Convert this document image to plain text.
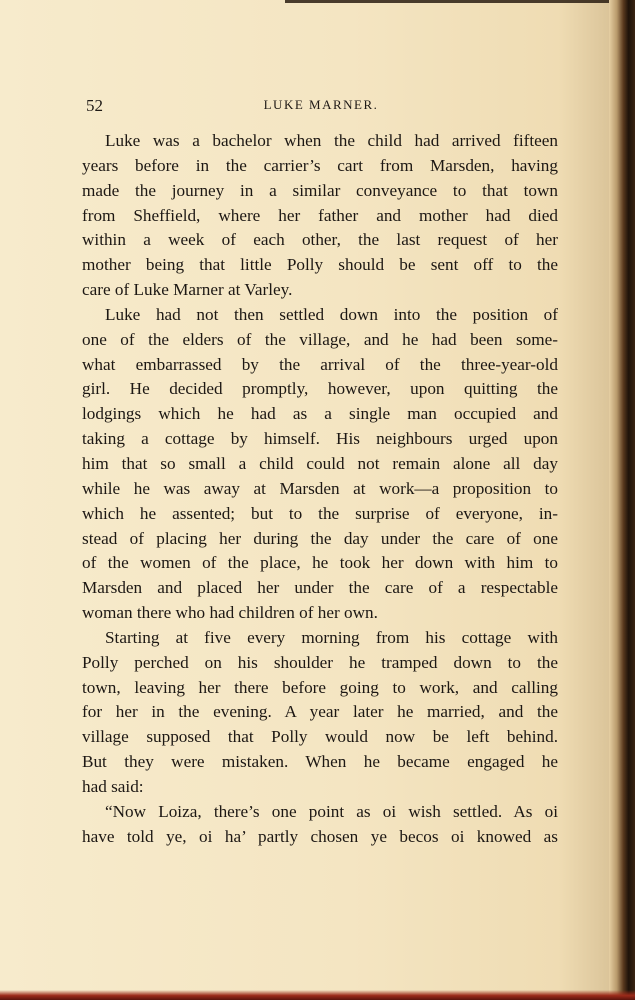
52	LUKE MARNER.

Luke was a bachelor when the child had arrived fifteen
years before in the carrier’s cart from Marsden, having
made the journey in a similar conveyance to that town
from Sheffield, where her father and mother had died
within a week of each other, the last request of her
mother being that little Polly should be sent off to the
care of Luke Marner at Varley.

Luke had not then settled down into the position of
one of the elders of the village, and he had been some-
what embarrassed by the arrival of the three-year-old
girl. He decided promptly, however, upon quitting the
lodgings which he had as a single man occupied and
taking a cottage by himself. His neighbours urged upon
him that so small a child could not remain alone all day
while he was away at Marsden at work—a proposition to
which he assented; but to the surprise of everyone, in-
stead of placing her during the day under the care of one
of the women of the place, he took her down with him to
Marsden and placed her under the care of a respectable
woman there who had children of her own.

Starting at five every morning from his cottage with
Polly perched on his shoulder he tramped down to the
town, leaving her there before going to work, and calling
for her in the evening. A year later he married, and the
village supposed that Polly would now be left behind.
But they were mistaken. When he became engaged he
had said:

“Now Loiza, there’s one point as oi wish settled. As oi
have told ye, oi ha’ partly chosen ye becos oi knowed as
